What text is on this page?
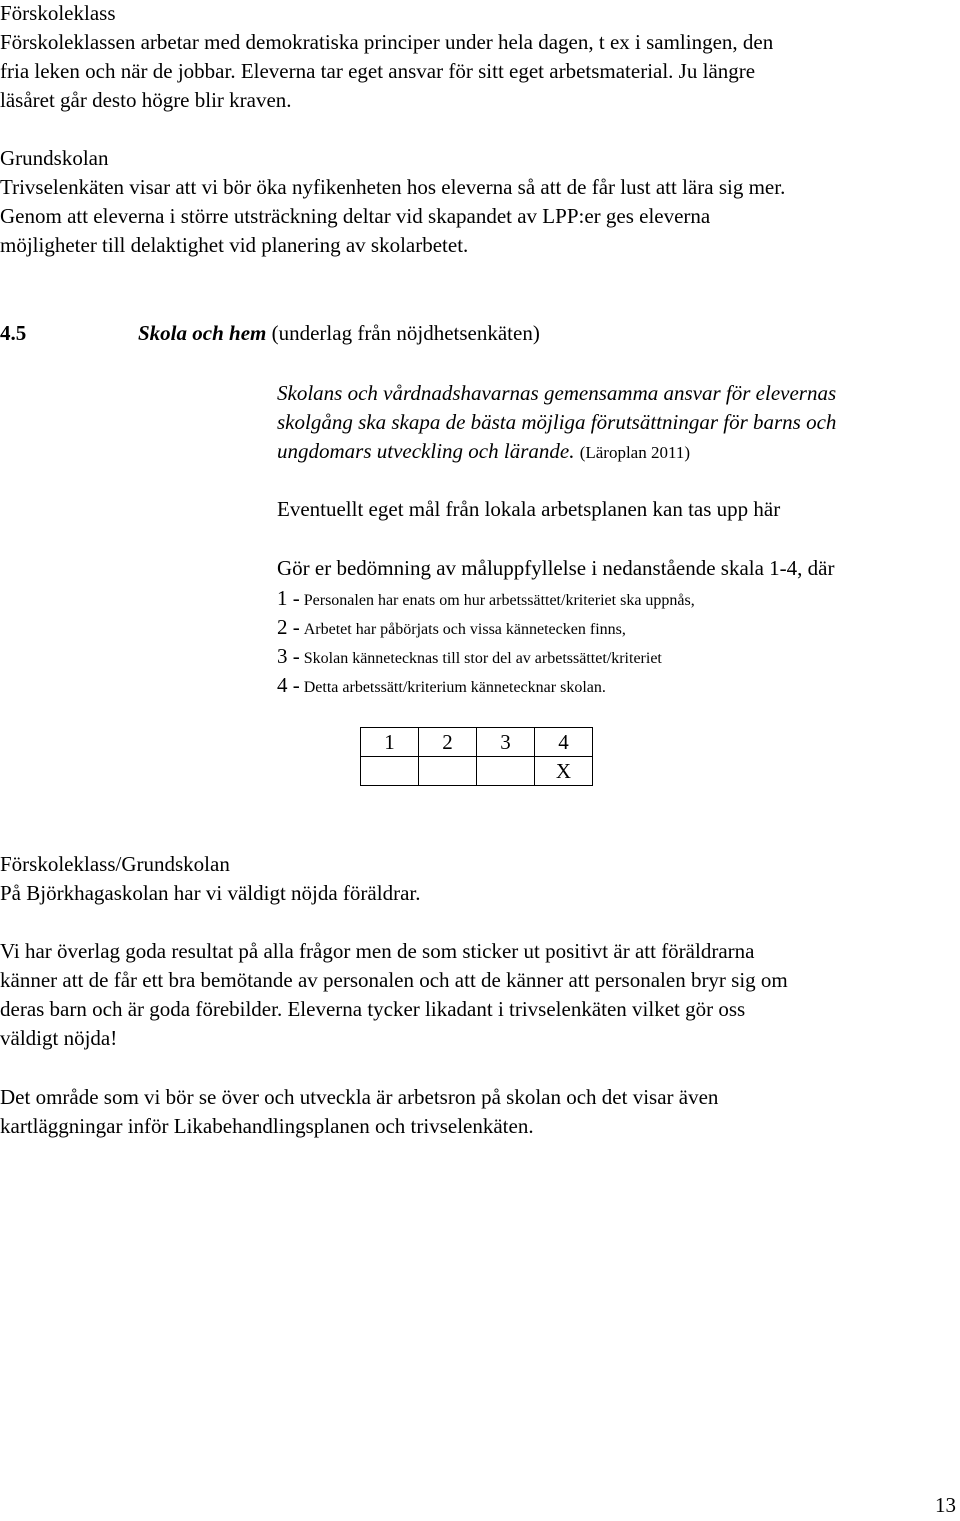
Förskoleklass
Förskoleklassen arbetar med demokratiska principer under hela dagen, t ex i samlingen, den
fria leken och när de jobbar. Eleverna tar eget ansvar för sitt eget arbetsmaterial. Ju längre
läsåret går desto högre blir kraven.
Grundskolan
Trivselenkäten visar att vi bör öka nyfikenheten hos eleverna så att de får lust att lära sig mer.
Genom att eleverna i större utsträckning deltar vid skapandet av LPP:er ges eleverna
möjligheter till delaktighet vid planering av skolarbetet.
4.5	Skola och hem (underlag från nöjdhetsenkäten)
Skolans och vårdnadshavarnas gemensamma ansvar för elevernas
skolgång ska skapa de bästa möjliga förutsättningar för barns och
ungdomars utveckling och lärande. (Läroplan 2011)
Eventuellt eget mål från lokala arbetsplanen kan tas upp här
Gör er bedömning av måluppfyllelse i nedanstående skala 1-4, där
1 - Personalen har enats om hur arbetssättet/kriteriet ska uppnås,
2 - Arbetet har påbörjats och vissa kännetecken finns,
3 - Skolan kännetecknas till stor del av arbetssättet/kriteriet
4 - Detta arbetssätt/kriterium kännetecknar skolan.
1	2	3	4
			X
Förskoleklass/Grundskolan
På Björkhagaskolan har vi väldigt nöjda föräldrar.
Vi har överlag goda resultat på alla frågor men de som sticker ut positivt är att föräldrarna
känner att de får ett bra bemötande av personalen och att de känner att personalen bryr sig om
deras barn och är goda förebilder. Eleverna tycker likadant i trivselenkäten vilket gör oss
väldigt nöjda!
Det område som vi bör se över och utveckla är arbetsron på skolan och det visar även
kartläggningar inför Likabehandlingsplanen och trivselenkäten.
13
